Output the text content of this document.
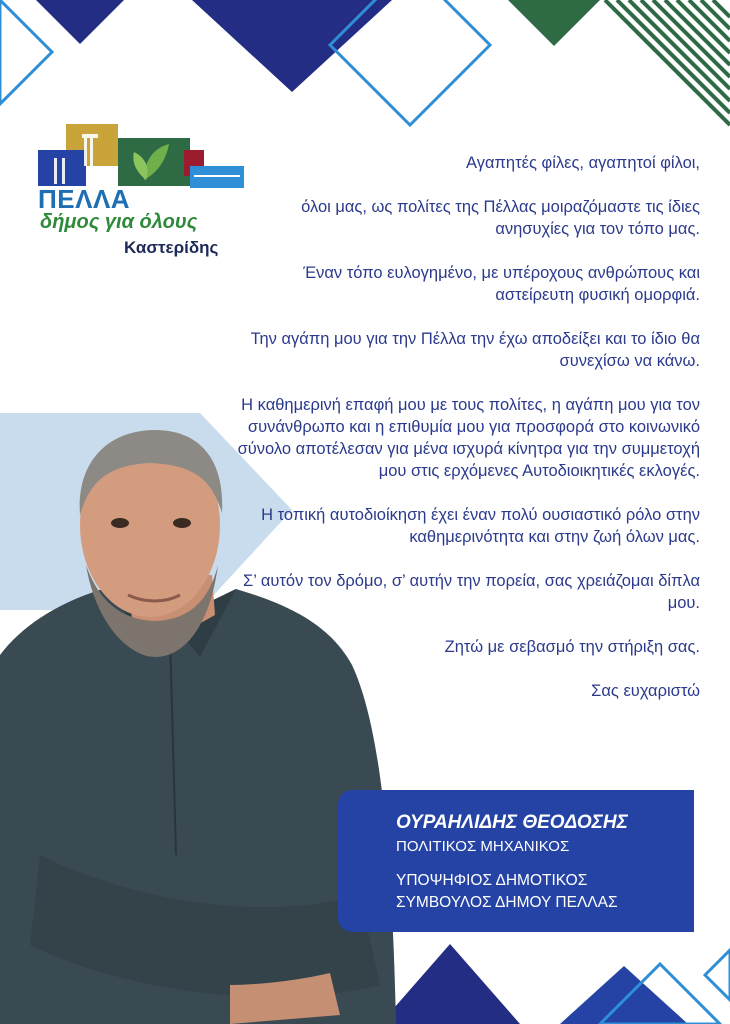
ΠΕΛΛΑ
δήμος για όλους
Καστερίδης

Αγαπητές φίλες, αγαπητοί φίλοι,

όλοι μας, ως πολίτες της Πέλλας μοιραζόμαστε τις ίδιες ανησυχίες για τον τόπο μας.

Έναν τόπο ευλογημένο, με υπέροχους ανθρώπους και αστείρευτη φυσική ομορφιά.

Την αγάπη μου για την Πέλλα την έχω αποδείξει και το ίδιο θα συνεχίσω να κάνω.

Η καθημερινή επαφή μου με τους πολίτες, η αγάπη μου για τον συνάνθρωπο και η επιθυμία μου για προσφορά στο κοινωνικό σύνολο αποτέλεσαν για μένα ισχυρά κίνητρα για την συμμετοχή μου στις ερχόμενες Αυτοδιοικητικές εκλογές.

Η τοπική αυτοδιοίκηση έχει έναν πολύ ουσιαστικό ρόλο στην καθημερινότητα και στην ζωή όλων μας.

Σ’ αυτόν τον δρόμο, σ’ αυτήν την πορεία, σας χρειάζομαι δίπλα μου.

Ζητώ με σεβασμό την στήριξη σας.

Σας ευχαριστώ

ΟΥΡΑΗΛΙΔΗΣ ΘΕΟΔΟΣΗΣ
ΠΟΛΙΤΙΚΟΣ ΜΗΧΑΝΙΚΟΣ
ΥΠΟΨΗΦΙΟΣ ΔΗΜΟΤΙΚΟΣ
ΣΥΜΒΟΥΛΟΣ ΔΗΜΟΥ ΠΕΛΛΑΣ
